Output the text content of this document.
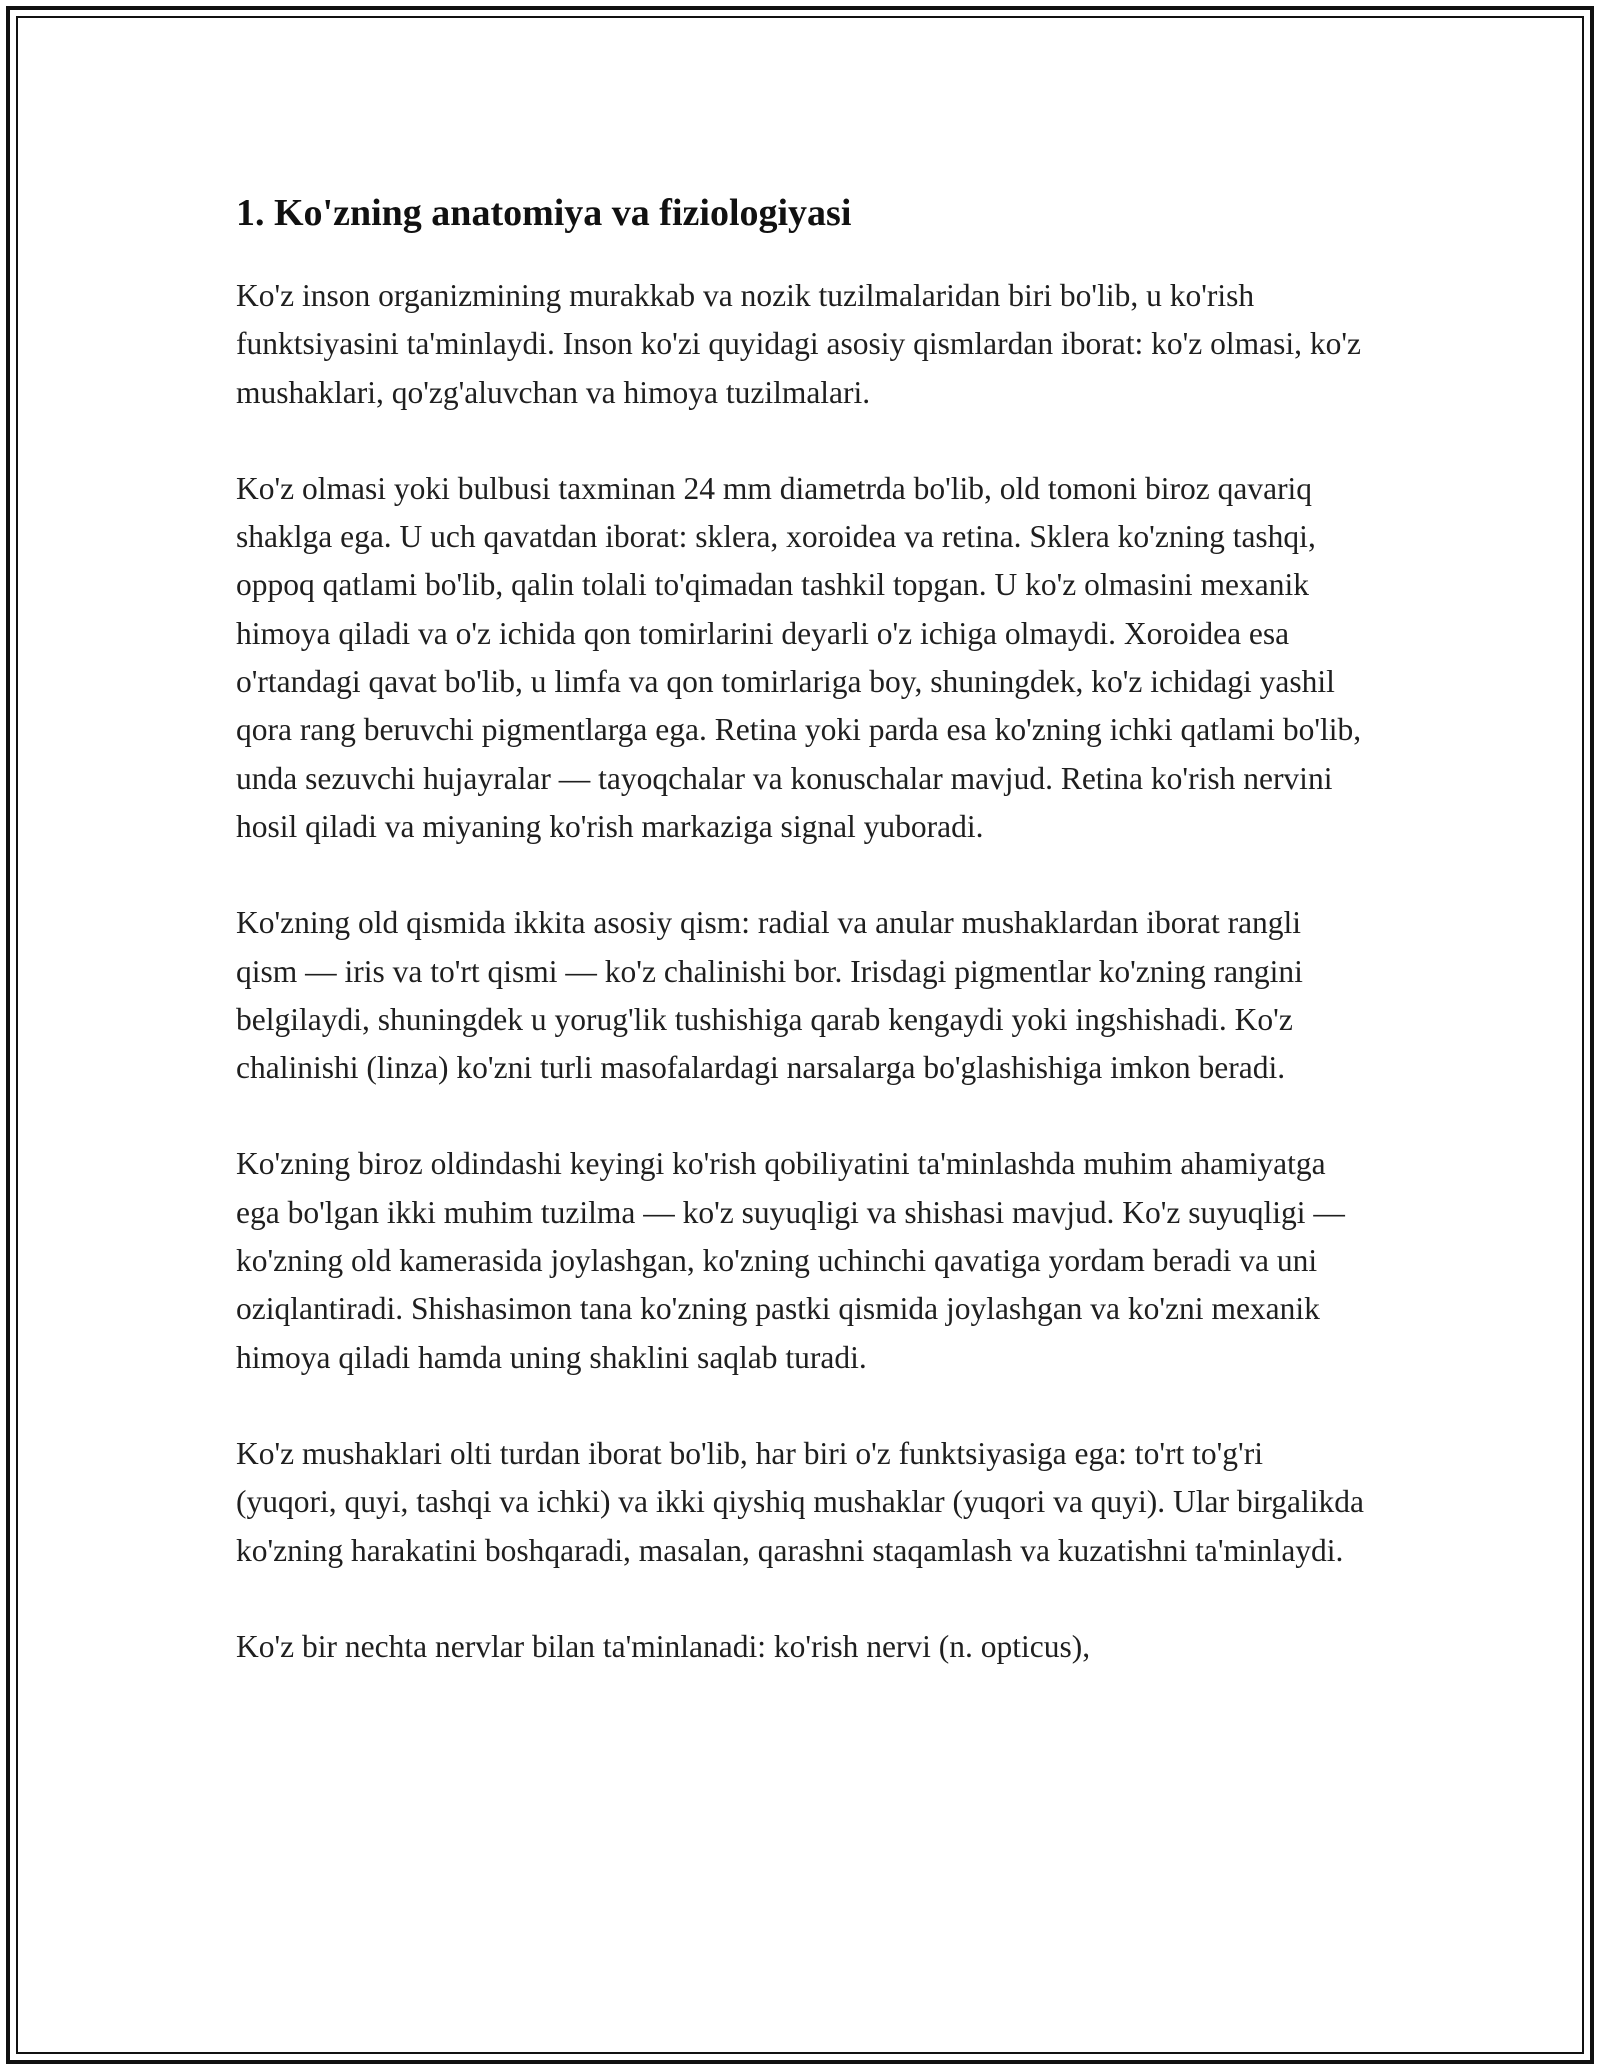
1. Ko'zning anatomiya va fiziologiyasi

Ko'z inson organizmining murakkab va nozik tuzilmalaridan biri bo'lib, u ko'rish funktsiyasini ta'minlaydi. Inson ko'zi quyidagi asosiy qismlardan iborat: ko'z olmasi, ko'z mushaklari, qo'zg'aluvchan va himoya tuzilmalari.

Ko'z olmasi yoki bulbusi taxminan 24 mm diametrda bo'lib, old tomoni biroz qavariq shaklga ega. U uch qavatdan iborat: sklera, xoroidea va retina. Sklera ko'zning tashqi, oppoq qatlami bo'lib, qalin tolali to'qimadan tashkil topgan. U ko'z olmasini mexanik himoya qiladi va o'z ichida qon tomirlarini deyarli o'z ichiga olmaydi. Xoroidea esa o'rtandagi qavat bo'lib, u limfa va qon tomirlariga boy, shuningdek, ko'z ichidagi yashil qora rang beruvchi pigmentlarga ega. Retina yoki parda esa ko'zning ichki qatlami bo'lib, unda sezuvchi hujayralar — tayoqchalar va konuschalar mavjud. Retina ko'rish nervini hosil qiladi va miyaning ko'rish markaziga signal yuboradi.

Ko'zning old qismida ikkita asosiy qism: radial va anular mushaklardan iborat rangli qism — iris va to'rt qismi — ko'z chalinishi bor. Irisdagi pigmentlar ko'zning rangini belgilaydi, shuningdek u yorug'lik tushishiga qarab kengaydi yoki ingshishadi. Ko'z chalinishi (linza) ko'zni turli masofalardagi narsalarga bo'glashishiga imkon beradi.

Ko'zning biroz oldindashi keyingi ko'rish qobiliyatini ta'minlashda muhim ahamiyatga ega bo'lgan ikki muhim tuzilma — ko'z suyuqligi va shishasi mavjud. Ko'z suyuqligi — ko'zning old kamerasida joylashgan, ko'zning uchinchi qavatiga yordam beradi va uni oziqlantiradi. Shishasimon tana ko'zning pastki qismida joylashgan va ko'zni mexanik himoya qiladi hamda uning shaklini saqlab turadi.

Ko'z mushaklari olti turdan iborat bo'lib, har biri o'z funktsiyasiga ega: to'rt to'g'ri (yuqori, quyi, tashqi va ichki) va ikki qiyshiq mushaklar (yuqori va quyi). Ular birgalikda ko'zning harakatini boshqaradi, masalan, qarashni staqamlash va kuzatishni ta'minlaydi.

Ko'z bir nechta nervlar bilan ta'minlanadi: ko'rish nervi (n. opticus),
